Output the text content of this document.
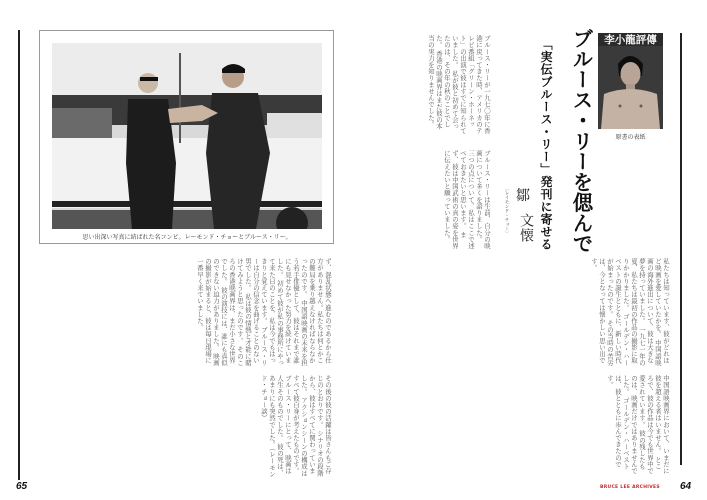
思い出深い写真に結ばれた名コンビ。レーモンド・チョーとブルース・リー。
ず、混乱状態へ進むのであるから仕方がありません。私たちは何とかこの難局を乗り越えなければならなかったのです。 中国語映画の未来を担う若手俳優として、彼はそれまで誰にも見せなかった努力を続けていました。 初めて彼が私の事務所にやって来た日のことを、私は今でもはっきりと覚えています。 ブルース・リーは自分の信念を曲げることのない男でした。 私は彼の情熱と才能に賭けてみようと思ったのです。 そのころの香港映画界は、まだ小さな世界でした。 彼の演技には、誰にも真似のできない迫力がありました。 映画の撮影が始まると、彼は毎日現場に一番早く来ていました。
その後の彼の活躍は皆さんもご存じのとおりです。 シナリオの段階から、彼はすべてに関わっていました。 アクションシーンの構成はすべて彼自身が考えたものです。 ブルース・リーにとって、映画は人生そのものでした。 彼の死は、あまりにも突然でした。（レーモンド・チョー談）
65
ブルース・リーが一九七〇年に香港に戻ってきた時、アメリカのテレビ番組「グリーン・ホーネット」の出演で彼はすでに知られていました。 私が彼と初めて会ったのは、その年の秋のことでした。 香港の映画界はまだ彼の本当の実力を知りませんでした。
ブルース・リーは生前、自分の映画について多くを語りました。 三つの点について、私はここで述べておきたいと思います。 まず、彼は中国武術の真の姿を世界に伝えたいと願っていました。	〔レイモンド・チョー〕 鄒
文懐 「実伝ブルース・リー」発刊に寄せる ブルース・リーを偲んで	李小龍評傳
原書の表紙
私たちは知っています、彼がどれほど映画を愛していたかを。 中国語映画の海外進出について、彼は大きな夢を持っていました。 一九七一年の夏、私たちは最初の作品の撮影に取りかかりました。 ゴールデン・ハーベストの誕生とともに、新しい時代が始まったのです。 その当時の苦労は、今となっては懐かしい思い出です。
中国語映画界において、いまだに彼を超える者はいません。 ところで、彼の作品は今でも世界中で愛されています。 彼の残したものは、映画だけではありませんでした。 ゴールデン・ハーベストは、彼とともに歩んできたのです。
BRUCE LEE ARCHIVES 64
